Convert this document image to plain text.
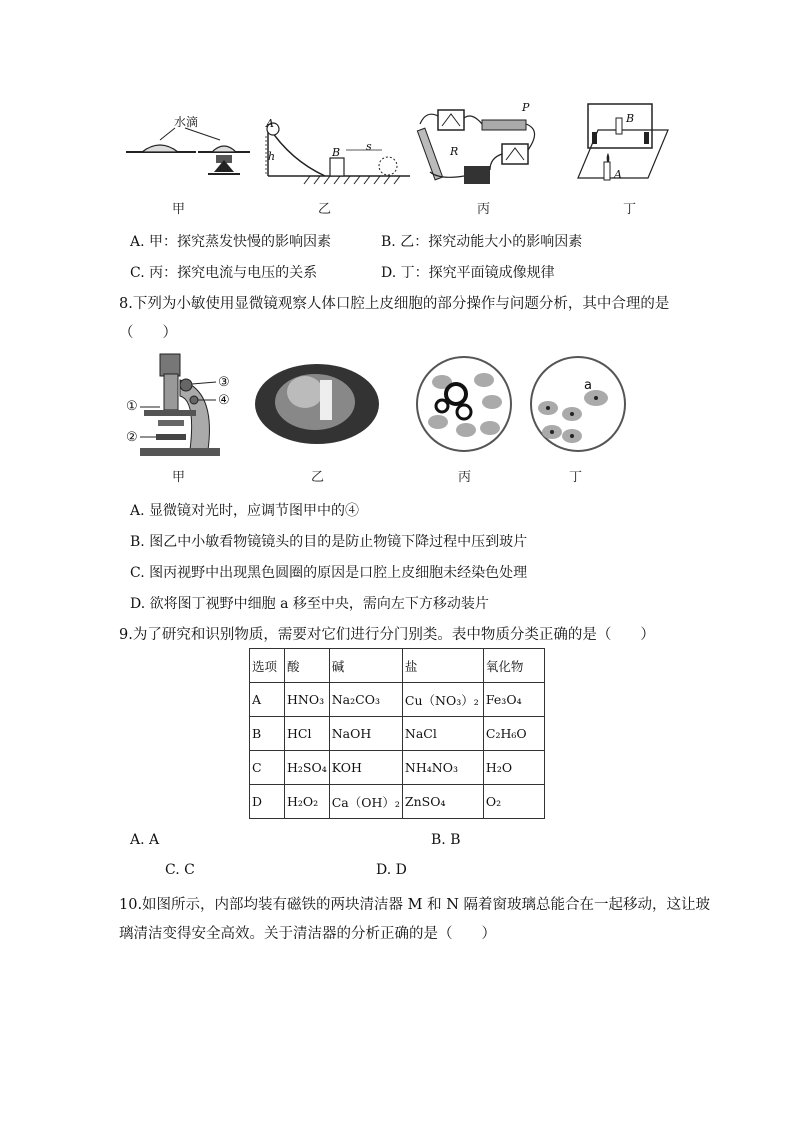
水滴	A
h	B s
P
R
B
A
甲	乙	丙	丁
A. 甲：探究蒸发快慢的影响因素	B. 乙：探究动能大小的影响因素
C. 丙：探究电流与电压的关系	D. 丁：探究平面镜成像规律
8.下列为小敏使用显微镜观察人体口腔上皮细胞的部分操作与问题分析，其中合理的是
（　　）
①
②
③
④
a
甲	乙	丙	丁
A. 显微镜对光时，应调节图甲中的④
B. 图乙中小敏看物镜镜头的目的是防止物镜下降过程中压到玻片
C. 图丙视野中出现黑色圆圈的原因是口腔上皮细胞未经染色处理
D. 欲将图丁视野中细胞 a 移至中央，需向左下方移动装片
9.为了研究和识别物质，需要对它们进行分门别类。表中物质分类正确的是（　　）
选项	酸	碱	盐	氧化物
A	HNO₃	Na₂CO₃	Cu（NO₃）₂	Fe₃O₄
B	HCl	NaOH	NaCl	C₂H₆O
C	H₂SO₄	KOH	NH₄NO₃	H₂O
D	H₂O₂	Ca（OH）₂	ZnSO₄	O₂
A. A	B. B
C. C	D. D
10.如图所示，内部均装有磁铁的两块清洁器 M 和 N 隔着窗玻璃总能合在一起移动，这让玻
璃清洁变得安全高效。关于清洁器的分析正确的是（　　）
